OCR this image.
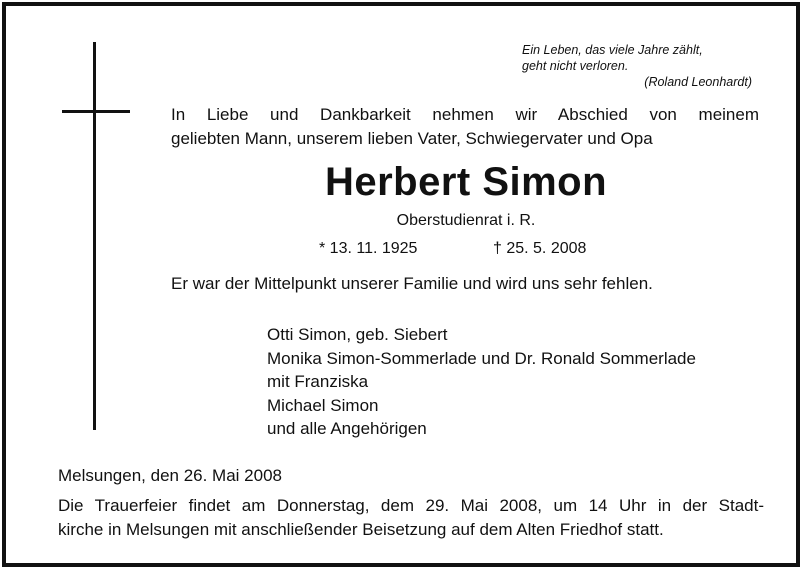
Ein Leben, das viele Jahre zählt,
geht nicht verloren.
(Roland Leonhardt)
In Liebe und Dankbarkeit nehmen wir Abschied von meinem
geliebten Mann, unserem lieben Vater, Schwiegervater und Opa
Herbert Simon
Oberstudienrat i. R.
* 13. 11. 1925	† 25. 5. 2008
Er war der Mittelpunkt unserer Familie und wird uns sehr fehlen.
Otti Simon, geb. Siebert
Monika Simon-Sommerlade und Dr. Ronald Sommerlade
mit Franziska
Michael Simon
und alle Angehörigen
Melsungen, den 26. Mai 2008
Die Trauerfeier findet am Donnerstag, dem 29. Mai 2008, um 14 Uhr in der Stadt-
kirche in Melsungen mit anschließender Beisetzung auf dem Alten Friedhof statt.
